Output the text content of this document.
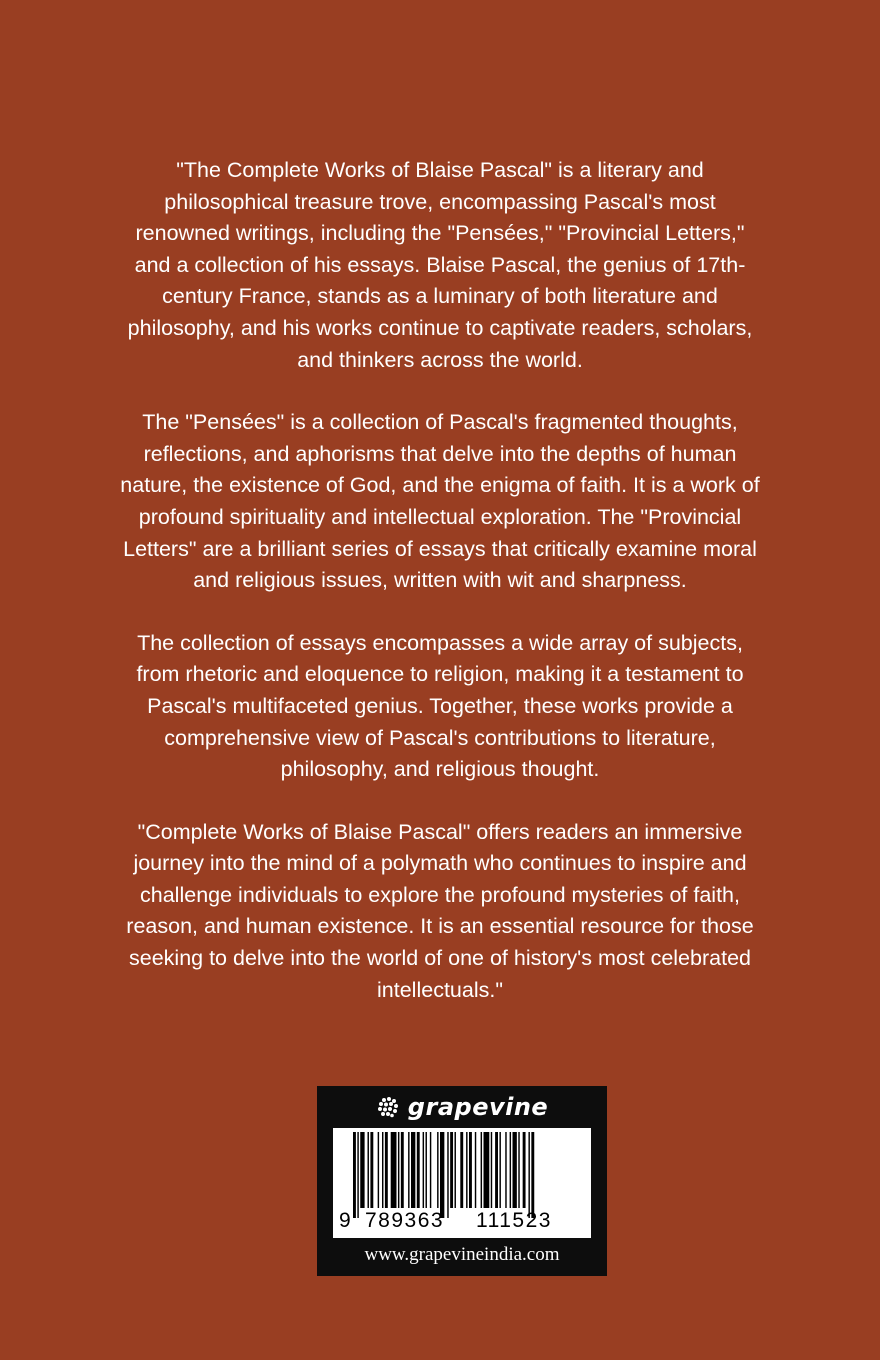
"The Complete Works of Blaise Pascal" is a literary and philosophical treasure trove, encompassing Pascal's most renowned writings, including the "Pensées," "Provincial Letters," and a collection of his essays. Blaise Pascal, the genius of 17th-century France, stands as a luminary of both literature and philosophy, and his works continue to captivate readers, scholars, and thinkers across the world.

The "Pensées" is a collection of Pascal's fragmented thoughts, reflections, and aphorisms that delve into the depths of human nature, the existence of God, and the enigma of faith. It is a work of profound spirituality and intellectual exploration. The "Provincial Letters" are a brilliant series of essays that critically examine moral and religious issues, written with wit and sharpness.

The collection of essays encompasses a wide array of subjects, from rhetoric and eloquence to religion, making it a testament to Pascal's multifaceted genius. Together, these works provide a comprehensive view of Pascal's contributions to literature, philosophy, and religious thought.

"Complete Works of Blaise Pascal" offers readers an immersive journey into the mind of a polymath who continues to inspire and challenge individuals to explore the profound mysteries of faith, reason, and human existence. It is an essential resource for those seeking to delve into the world of one of history's most celebrated intellectuals."

grapevine
9 789363 111523
www.grapevineindia.com
